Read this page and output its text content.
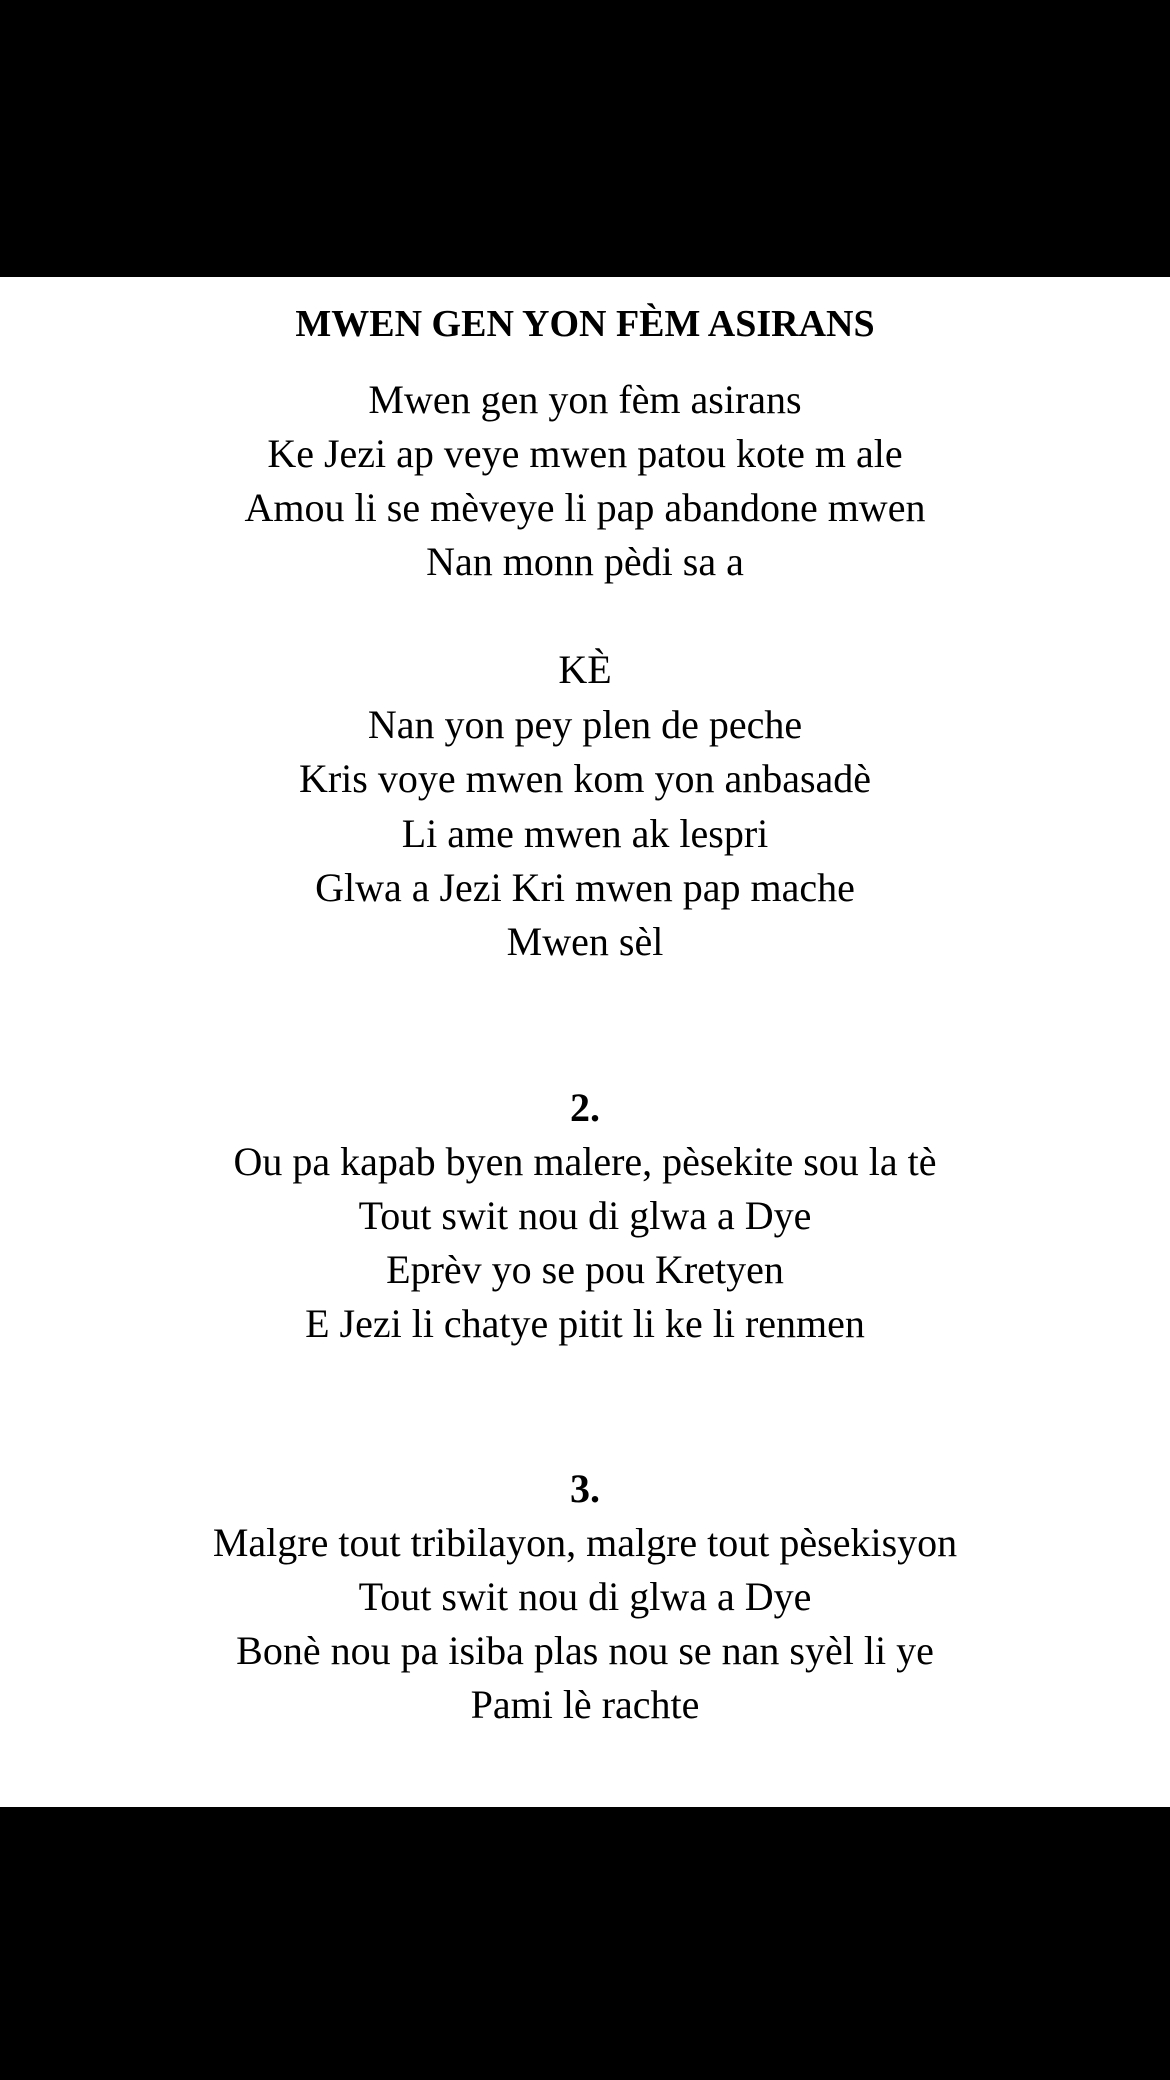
MWEN GEN YON FÈM ASIRANS
Mwen gen yon fèm asirans
Ke Jezi ap veye mwen patou kote m ale
Amou li se mèveye li pap abandone mwen
Nan monn pèdi sa a
KÈ
Nan yon pey plen de peche
Kris voye mwen kom yon anbasadè
Li ame mwen ak lespri
Glwa a Jezi Kri mwen pap mache
Mwen sèl
2.
Ou pa kapab byen malere, pèsekite sou la tè
Tout swit nou di glwa a Dye
Eprèv yo se pou Kretyen
E Jezi li chatye pitit li ke li renmen
3.
Malgre tout tribilayon, malgre tout pèsekisyon
Tout swit nou di glwa a Dye
Bonè nou pa isiba plas nou se nan syèl li ye
Pami lè rachte
